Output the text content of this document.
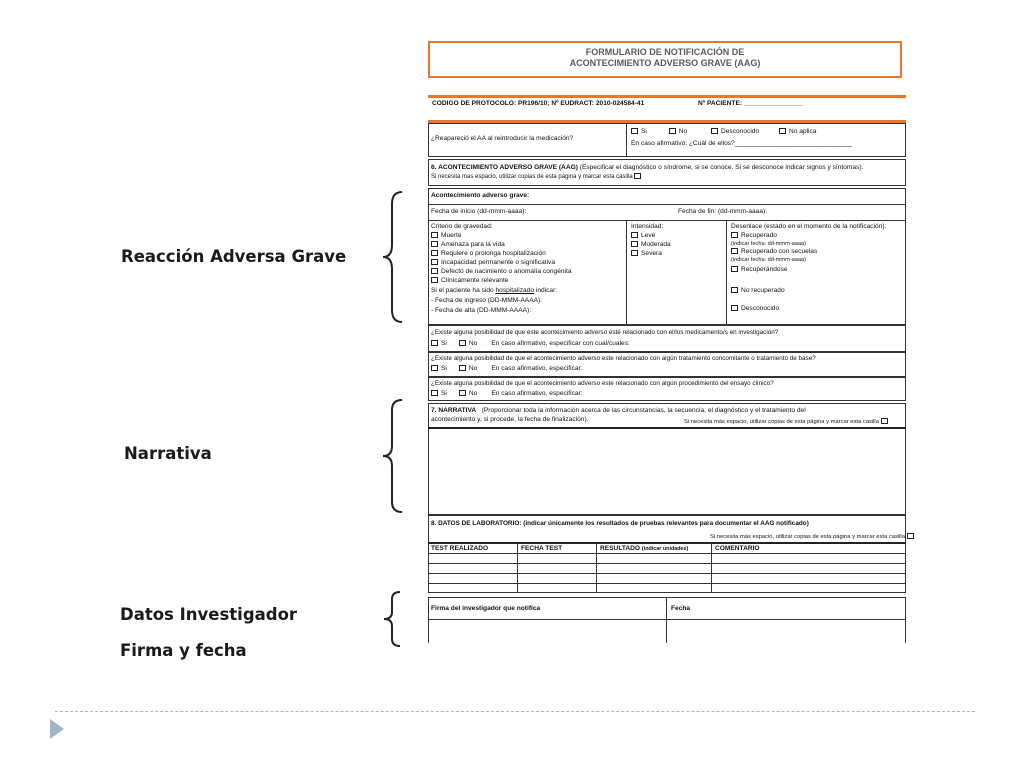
Reacción Adversa Grave
Narrativa
Datos Investigador
Firma y fecha
FORMULARIO DE NOTIFICACIÓN DE
ACONTECIMIENTO ADVERSO GRAVE (AAG)
CODIGO DE PROTOCOLO: PR196/10; Nº EUDRACT: 2010-024584-41	Nº PACIENTE: ________________
¿Reapareció el AA al reintroducir la medicación?
Si	No	Desconocido	No aplica
En caso afirmativo: ¿Cuál de ellos?________________________________
6. ACONTECIMIENTO ADVERSO GRAVE (AAG) (Especificar el diagnóstico o síndrome, si se conoce. Si se desconoce indicar signos y síntomas).
Si necesita mas espacio, utilizar copias de esta página y marcar esta casilla
Acontecimiento adverso grave:
Fecha de inicio (dd-mmm-aaaa):	Fecha de fin: (dd-mmm-aaaa):
Criterio de gravedad:
Muerte
Amenaza para la vida
Requiere o prolonga hospitalización
Incapacidad permanente o significativa
Defecto de nacimiento o anomalía congénita
Clínicamente relevante
Si el paciente ha sido hospitalizado indicar:
- Fecha de ingreso (DD-MMM-AAAA):
- Fecha de alta (DD-MMM-AAAA):
Intensidad:
Leve
Moderada
Severa
Desenlace (estado en el momento de la notificación):
Recuperado
(indicar fecha: dd-mmm-aaaa)
Recuperado con secuelas
(indicar fecha: dd-mmm-aaaa)
Recuperándose
No recuperado
Desconocido
¿Existe alguna posibilidad de que éste acontecimiento adverso esté relacionado con el/los medicamento/s en investigación?
Si	No En caso afirmativo, especificar con cual/cuales:
¿Existe alguna posibilidad de que el acontecimiento adverso este relacionado con algún tratamiento concomitante o tratamiento de base?
Si	No En caso afirmativo, especificar:
¿Existe alguna posibilidad de que el acontecimiento adverso este relacionado con algún procedimiento del ensayo clínico?
Si	No En caso afirmativo, especificar:
7. NARRATIVA (Proporcionar toda la información acerca de las circunstancias, la secuencia, el diagnóstico y el tratamiento del
acontecimiento y, si procede, la fecha de finalización).	Si necesita más espacio, utilizar copias de esta página y marcar esta casilla
8. DATOS DE LABORATORIO: (indicar únicamente los resultados de pruebas relevantes para documentar el AAG notificado)
Si necesita más espacio, utilizar copias de esta página y marcar esta casilla
TEST REALIZADO	FECHA TEST	RESULTADO (indicar unidades)	COMENTARIO
Firma del investigador que notifica	Fecha
